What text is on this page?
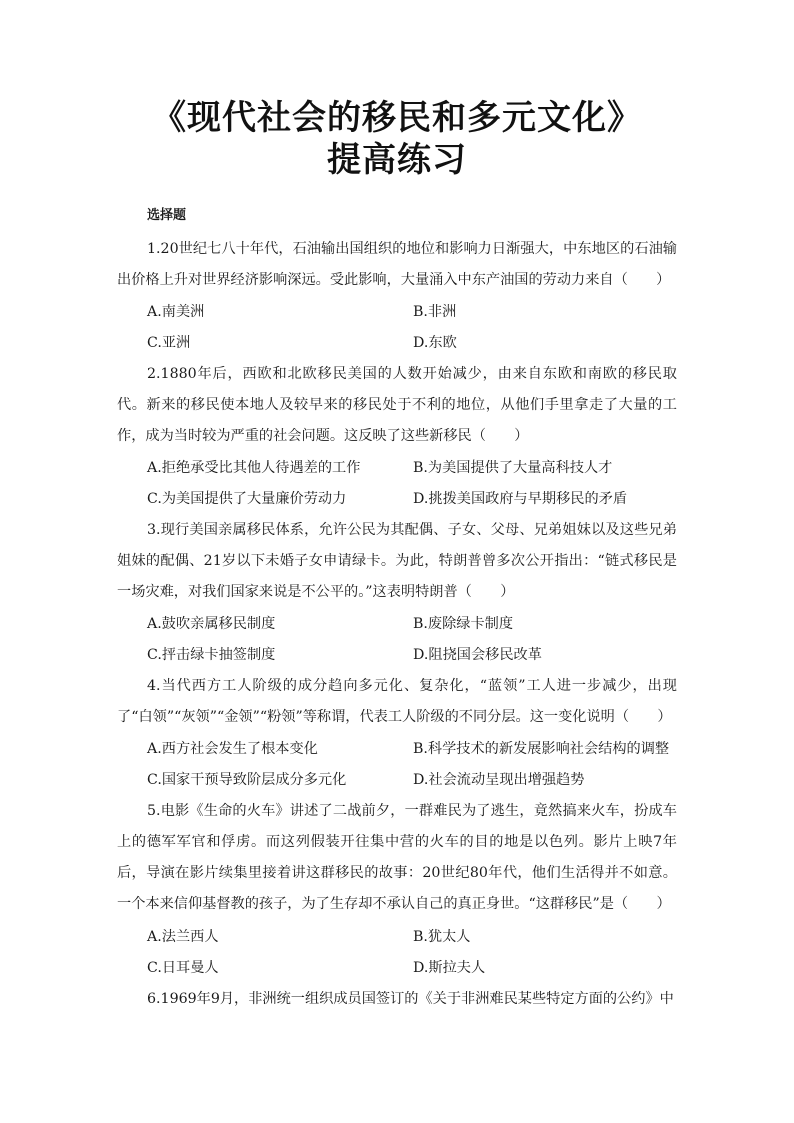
《现代社会的移民和多元文化》
提高练习
选择题

1.20世纪七八十年代，石油输出国组织的地位和影响力日渐强大，中东地区的石油输出价格上升对世界经济影响深远。受此影响，大量涌入中东产油国的劳动力来自（　　）

A.南美洲	B.非洲
C.亚洲	D.东欧

2.1880年后，西欧和北欧移民美国的人数开始减少，由来自东欧和南欧的移民取代。新来的移民使本地人及较早来的移民处于不利的地位，从他们手里拿走了大量的工作，成为当时较为严重的社会问题。这反映了这些新移民（　　）

A.拒绝承受比其他人待遇差的工作	B.为美国提供了大量高科技人才
C.为美国提供了大量廉价劳动力	D.挑拨美国政府与早期移民的矛盾

3.现行美国亲属移民体系，允许公民为其配偶、子女、父母、兄弟姐妹以及这些兄弟姐妹的配偶、21岁以下未婚子女申请绿卡。为此，特朗普曾多次公开指出：“链式移民是一场灾难，对我们国家来说是不公平的。”这表明特朗普（　　）

A.鼓吹亲属移民制度	B.废除绿卡制度
C.抨击绿卡抽签制度	D.阻挠国会移民改革

4.当代西方工人阶级的成分趋向多元化、复杂化，“蓝领”工人进一步减少，出现了“白领”“灰领”“金领”“粉领”等称谓，代表工人阶级的不同分层。这一变化说明（　　）

A.西方社会发生了根本变化	B.科学技术的新发展影响社会结构的调整
C.国家干预导致阶层成分多元化	D.社会流动呈现出增强趋势

5.电影《生命的火车》讲述了二战前夕，一群难民为了逃生，竟然搞来火车，扮成车上的德军军官和俘虏。而这列假装开往集中营的火车的目的地是以色列。影片上映7年后，导演在影片续集里接着讲这群移民的故事：20世纪80年代，他们生活得并不如意。一个本来信仰基督教的孩子，为了生存却不承认自己的真正身世。“这群移民”是（　　）

A.法兰西人	B.犹太人
C.日耳曼人	D.斯拉夫人

6.1969年9月，非洲统一组织成员国签订的《关于非洲难民某些特定方面的公约》中
